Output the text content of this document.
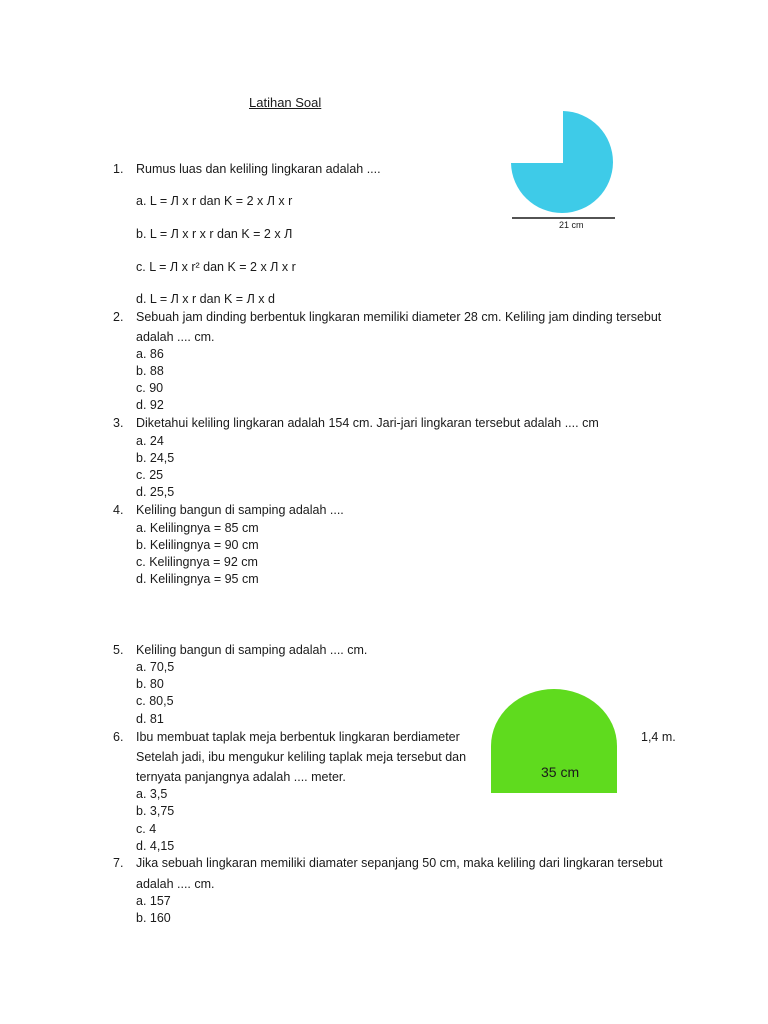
Latihan Soal
21 cm
35 cm
1.	Rumus luas dan keliling lingkaran adalah ....
a. L = Л x r dan K = 2 x Л x r
b. L = Л x r x r dan K = 2 x Л
c. L = Л x r² dan K = 2 x Л x r
d. L = Л x r dan K = Л x d
2.	Sebuah jam dinding berbentuk lingkaran memiliki diameter 28 cm. Keliling jam dinding tersebut
adalah .... cm.
a. 86
b. 88
c. 90
d. 92
3.	Diketahui keliling lingkaran adalah 154 cm. Jari-jari lingkaran tersebut adalah .... cm
a. 24
b. 24,5
c. 25
d. 25,5
4.	Keliling bangun di samping adalah ....
a. Kelilingnya = 85 cm
b. Kelilingnya = 90 cm
c. Kelilingnya = 92 cm
d. Kelilingnya = 95 cm
5.	Keliling bangun di samping adalah .... cm.
a. 70,5
b. 80
c. 80,5
d. 81
6.	Ibu membuat taplak meja berbentuk lingkaran berdiameter	1,4 m.
Setelah jadi, ibu mengukur keliling taplak meja tersebut dan
ternyata panjangnya adalah .... meter.
a. 3,5
b. 3,75
c. 4
d. 4,15
7.	Jika sebuah lingkaran memiliki diamater sepanjang 50 cm, maka keliling dari lingkaran tersebut
adalah .... cm.
a. 157
b. 160
